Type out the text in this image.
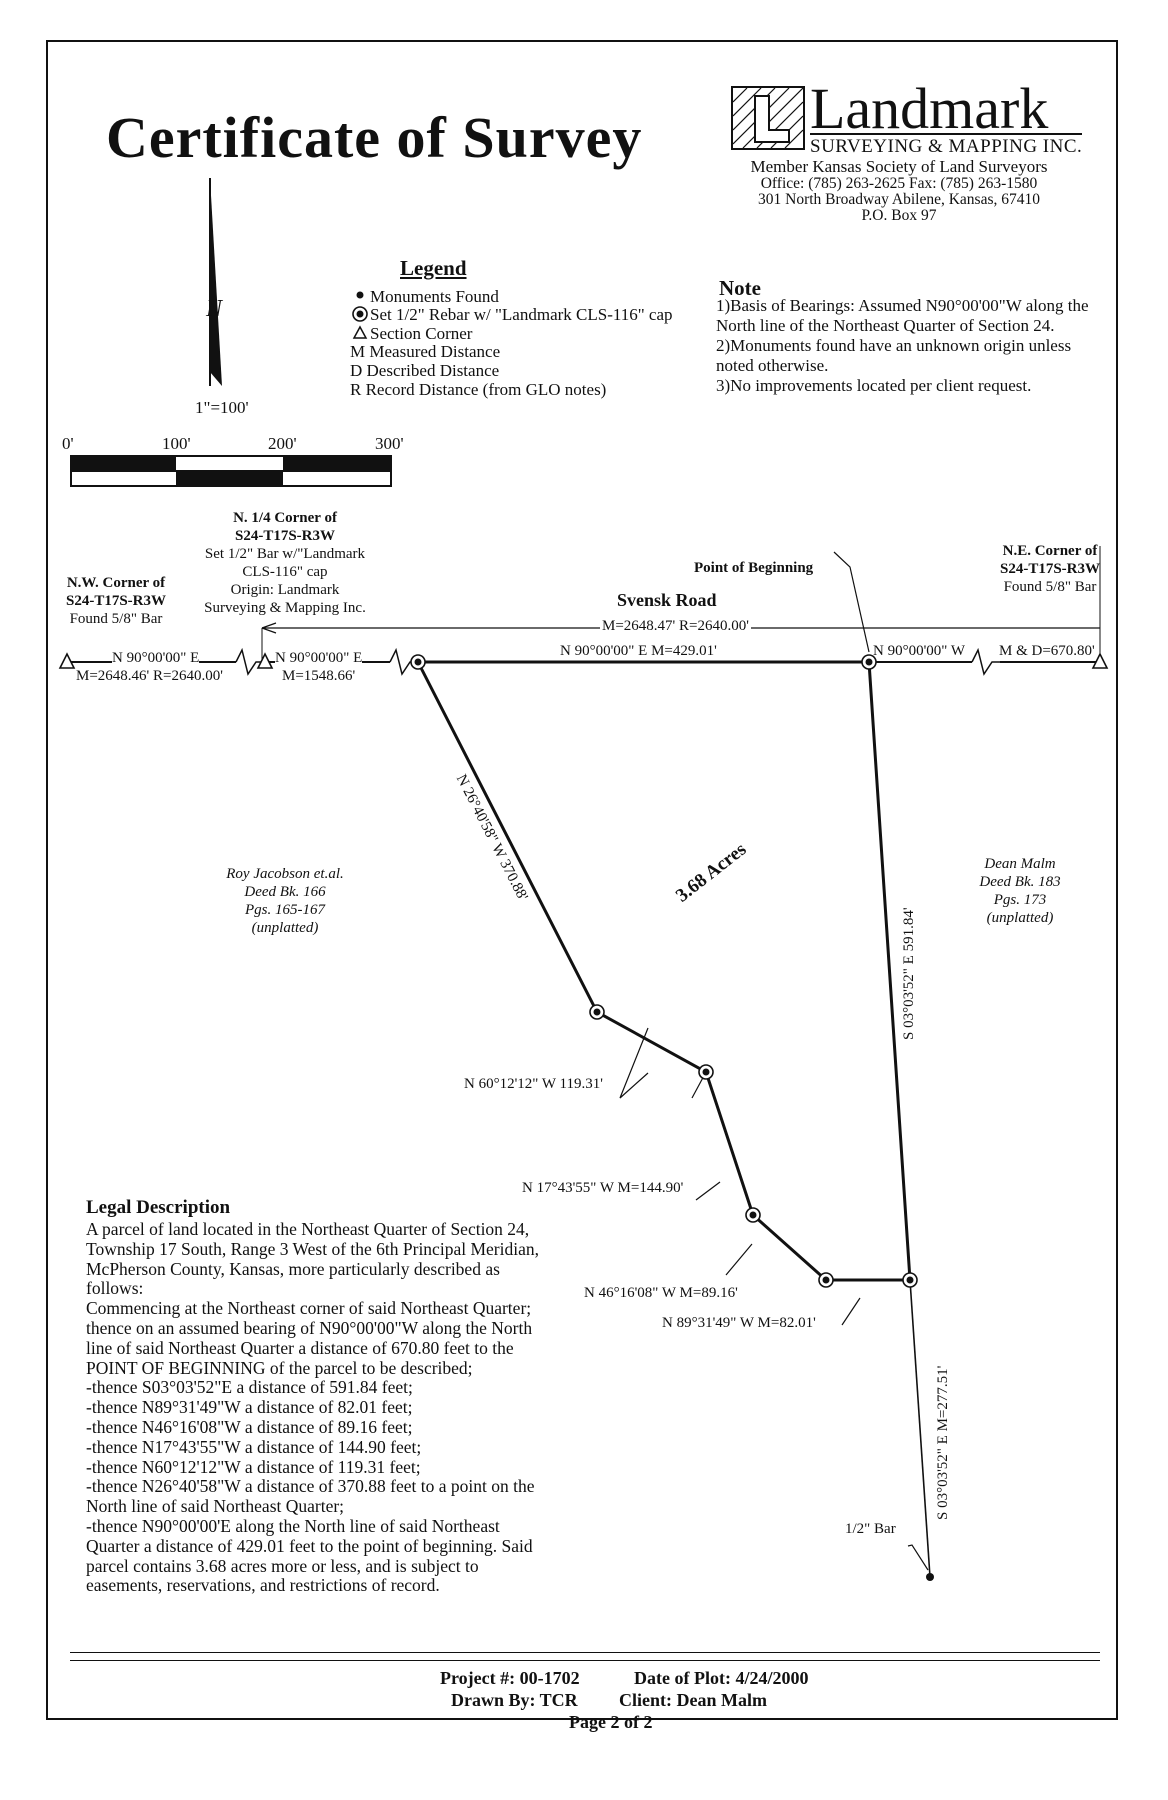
Certificate of Survey	Landmark
SURVEYING & MAPPING INC.
Member Kansas Society of Land Surveyors
Office: (785) 263-2625 Fax: (785) 263-1580
301 North Broadway Abilene, Kansas, 67410
P.O. Box 97
N
1"=100'
0'	100'	200'	300'
Legend
Monuments Found
Set 1/2" Rebar w/ "Landmark CLS-116" cap
Section Corner
M Measured Distance
D Described Distance
R Record Distance (from GLO notes)
Note
1)Basis of Bearings: Assumed N90°00'00"W along the
North line of the Northeast Quarter of Section 24.
2)Monuments found have an unknown origin unless
noted otherwise.
3)No improvements located per client request.
N.W. Corner of
S24-T17S-R3W
Found 5/8" Bar
N. 1/4 Corner of
S24-T17S-R3W
Set 1/2" Bar w/"Landmark
CLS-116" cap
Origin: Landmark
Surveying & Mapping Inc.
N.E. Corner of
S24-T17S-R3W
Found 5/8" Bar
Point of Beginning
Svensk Road
M=2648.47' R=2640.00'
N 90°00'00" E
M=2648.46' R=2640.00'
N 90°00'00" E
M=1548.66'
N 90°00'00" E M=429.01'	N 90°00'00" W M & D=670.80'
N 26°40'58" W 370.88'
S 03°03'52" E 591.84'
S 03°03'52" E M=277.51'
N 60°12'12" W 119.31'
N 17°43'55" W M=144.90'
N 46°16'08" W M=89.16'
N 89°31'49" W M=82.01'
1/2" Bar
3.68 Acres
Roy Jacobson et.al.
Deed Bk. 166
Pgs. 165-167
(unplatted)
Dean Malm
Deed Bk. 183
Pgs. 173
(unplatted)
Legal Description
A parcel of land located in the Northeast Quarter of Section 24, Township 17 South, Range 3 West of the 6th Principal Meridian, McPherson County, Kansas, more particularly described as follows:
Commencing at the Northeast corner of said Northeast Quarter; thence on an assumed bearing of N90°00'00"W along the North line of said Northeast Quarter a distance of 670.80 feet to the POINT OF BEGINNING of the parcel to be described;
-thence S03°03'52"E a distance of 591.84 feet;
-thence N89°31'49"W a distance of 82.01 feet;
-thence N46°16'08"W a distance of 89.16 feet;
-thence N17°43'55"W a distance of 144.90 feet;
-thence N60°12'12"W a distance of 119.31 feet;
-thence N26°40'58"W a distance of 370.88 feet to a point on the North line of said Northeast Quarter;
-thence N90°00'00'E along the North line of said Northeast Quarter a distance of 429.01 feet to the point of beginning. Said parcel contains 3.68 acres more or less, and is subject to easements, reservations, and restrictions of record.
Project #: 00-1702	Date of Plot: 4/24/2000
Drawn By: TCR Client: Dean Malm
Page 2 of 2
